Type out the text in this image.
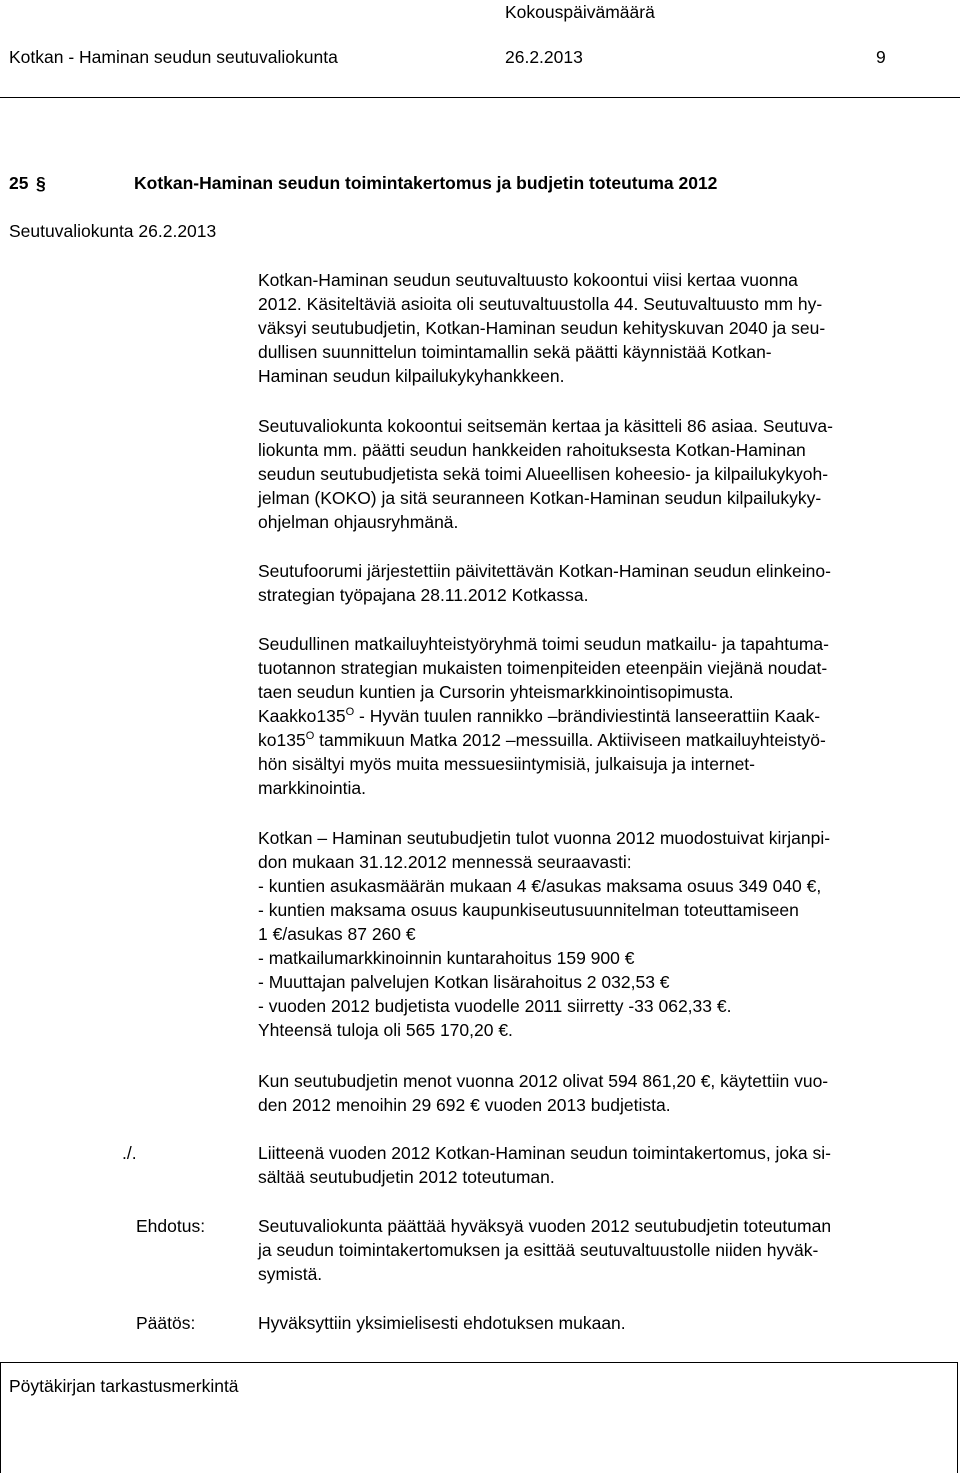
Kokouspäivämäärä
Kotkan - Haminan seudun seutuvaliokunta	26.2.2013	9
25 §	Kotkan-Haminan seudun toimintakertomus ja budjetin toteutuma 2012
Seutuvaliokunta 26.2.2013
Kotkan-Haminan seudun seutuvaltuusto kokoontui viisi kertaa vuonna
2012. Käsiteltäviä asioita oli seutuvaltuustolla 44. Seutuvaltuusto mm hy-
väksyi seutubudjetin, Kotkan-Haminan seudun kehityskuvan 2040 ja seu-
dullisen suunnittelun toimintamallin sekä päätti käynnistää Kotkan-
Haminan seudun kilpailukykyhankkeen.
Seutuvaliokunta kokoontui seitsemän kertaa ja käsitteli 86 asiaa. Seutuva-
liokunta mm. päätti seudun hankkeiden rahoituksesta Kotkan-Haminan
seudun seutubudjetista sekä toimi Alueellisen koheesio- ja kilpailukykyoh-
jelman (KOKO) ja sitä seuranneen Kotkan-Haminan seudun kilpailukyky-
ohjelman ohjausryhmänä.
Seutufoorumi järjestettiin päivitettävän Kotkan-Haminan seudun elinkeino-
strategian työpajana 28.11.2012 Kotkassa.
Seudullinen matkailuyhteistyöryhmä toimi seudun matkailu- ja tapahtuma-
tuotannon strategian mukaisten toimenpiteiden eteenpäin viejänä noudat-
taen seudun kuntien ja Cursorin yhteismarkkinointisopimusta.
$Kaakko135^O$ - Hyvän tuulen rannikko –brändiviestintä lanseerattiin Kaak-
$ko135^O$ tammikuun Matka 2012 –messuilla. Aktiiviseen matkailuyhteistyö-
hön sisältyi myös muita messuesiintymisiä, julkaisuja ja internet-
markkinointia.
Kotkan – Haminan seutubudjetin tulot vuonna 2012 muodostuivat kirjanpi-
don mukaan 31.12.2012 mennessä seuraavasti:
- kuntien asukasmäärän mukaan 4 €/asukas maksama osuus 349 040 €,
- kuntien maksama osuus kaupunkiseutusuunnitelman toteuttamiseen
1 €/asukas 87 260 €
- matkailumarkkinoinnin kuntarahoitus 159 900 €
- Muuttajan palvelujen Kotkan lisärahoitus 2 032,53 €
- vuoden 2012 budjetista vuodelle 2011 siirretty -33 062,33 €.
Yhteensä tuloja oli 565 170,20 €.
Kun seutubudjetin menot vuonna 2012 olivat 594 861,20 €, käytettiin vuo-
den 2012 menoihin 29 692 € vuoden 2013 budjetista.
./.	Liitteenä vuoden 2012 Kotkan-Haminan seudun toimintakertomus, joka si-
sältää seutubudjetin 2012 toteutuman.
Ehdotus:	Seutuvaliokunta päättää hyväksyä vuoden 2012 seutubudjetin toteutuman
ja seudun toimintakertomuksen ja esittää seutuvaltuustolle niiden hyväk-
symistä.
Päätös:	Hyväksyttiin yksimielisesti ehdotuksen mukaan.
Pöytäkirjan tarkastusmerkintä
